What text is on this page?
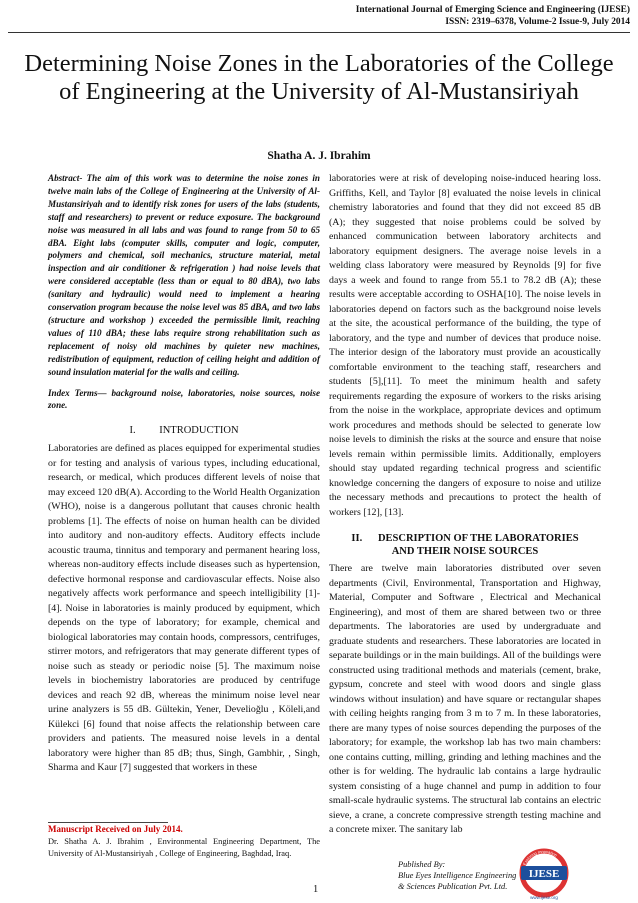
International Journal of Emerging Science and Engineering (IJESE)
ISSN: 2319–6378, Volume-2 Issue-9, July 2014
Determining Noise Zones in the Laboratories of the College of Engineering at the University of Al-Mustansiriyah
Shatha A. J. Ibrahim

Abstract- The aim of this work was to determine the noise zones in twelve main labs of the College of Engineering at the University of Al-Mustansiriyah and to identify risk zones for users of the labs (students, staff and researchers) to prevent or reduce exposure. The background noise was measured in all labs and was found to range from 50 to 65 dBA. Eight labs (computer skills, computer and logic, computer, polymers and chemical, soil mechanics, structure material, metal inspection and air conditioner & refrigeration ) had noise levels that were considered acceptable (less than or equal to 80 dBA), two labs (sanitary and hydraulic) would need to implement a hearing conservation program because the noise level was 85 dBA, and two labs (structure and workshop ) exceeded the permissible limit, reaching values of 110 dBA; these labs require strong rehabilitation such as replacement of noisy old machines by quieter new machines, redistribution of equipment, reduction of ceiling height and addition of sound insulation material for the walls and ceiling.

Index Terms— background noise, laboratories, noise sources, noise zone.

I.         INTRODUCTION

Laboratories are defined as places equipped for experimental studies or for testing and analysis of various types, including educational, research, or medical, which produces different levels of noise that may exceed 120 dB(A). According to the World Health Organization (WHO), noise is a dangerous pollutant that causes chronic health problems [1]. The effects of noise on human health can be divided into auditory and non-auditory effects. Auditory effects include acoustic trauma, tinnitus and temporary and permanent hearing loss, whereas non-auditory effects include diseases such as hypertension, defective hormonal response and cardiovascular effects. Noise also negatively affects work performance and speech intelligibility [1]-[4]. Noise in laboratories is mainly produced by equipment, which depends on the type of laboratory; for example, chemical and biological laboratories may contain hoods, compressors, centrifuges, stirrer motors, and refrigerators that may generate different types of noise such as steady or periodic noise [5]. The maximum noise levels in biochemistry laboratories are produced by centrifuge devices and reach 92 dB, whereas the minimum noise level near urine analyzers is 55 dB. Gültekin, Yener, Develioğlu , Köleli,and Külekci [6] found that noise affects the relationship between care providers and patients. The measured noise levels in a dental laboratory were higher than 85 dB; thus, Singh, Gambhir, , Singh, Sharma and Kaur [7] suggested that workers in these

Manuscript Received on July 2014.
Dr. Shatha A. J. Ibrahim , Environmental Engineering Department, The University of Al-Mustansiriyah , College of Engineering, Baghdad, Iraq.

laboratories were at risk of developing noise-induced hearing loss. Griffiths, Kell, and Taylor [8] evaluated the noise levels in clinical chemistry laboratories and found that they did not exceed 85 dB (A); they suggested that noise problems could be solved by enhanced communication between laboratory architects and laboratory equipment designers. The average noise levels in a welding class laboratory were measured by Reynolds [9] for five days a week and found to range from 55.1 to 78.2 dB (A); these results were acceptable according to OSHA[10]. The noise levels in laboratories depend on factors such as the background noise levels at the site, the acoustical performance of the building, the type of laboratory, and the type and number of devices that produce noise. The interior design of the laboratory must provide an acoustically comfortable environment to the teaching staff, researchers and students [5],[11]. To meet the minimum health and safety requirements regarding the exposure of workers to the risks arising from the noise in the workplace, appropriate devices and optimum work procedures and methods should be selected to generate low noise levels to diminish the risks at the source and ensure that noise levels remain within permissible limits. Additionally, employers should stay updated regarding technical progress and scientific knowledge concerning the dangers of exposure to noise and utilize the necessary methods and precautions to protect the health of workers [12], [13].

II.      DESCRIPTION OF THE LABORATORIES
AND THEIR NOISE SOURCES

There are twelve main laboratories distributed over seven departments (Civil, Environmental, Transportation and Highway, Material, Computer and Software , Electrical and Mechanical Engineering), and most of them are shared between two or three departments. The laboratories are used by undergraduate and graduate students and researchers. These laboratories are located in separate buildings or in the main buildings. All of the buildings were constructed using traditional methods and materials (cement, brake, gypsum, concrete and steel with wood doors and single glass windows without insulation) and have square or rectangular shapes with ceiling heights ranging from 3 m to 7 m. In these laboratories, there are many types of noise sources depending the purposes of the laboratory; for example, the workshop lab has two main chambers: one contains cutting, milling, grinding and lething machines and the other is for welding. The hydraulic lab contains a large hydraulic system consisting of a huge channel and pump in addition to four small-scale hydraulic systems. The structural lab contains an electric sieve, a crane, a concrete compressive strength testing machine and a concrete mixer. The sanitary lab

1
Published By:
Blue Eyes Intelligence Engineering
& Sciences Publication Pvt. Ltd.
Exploring Innovation
IJESE
www.ijese.org
